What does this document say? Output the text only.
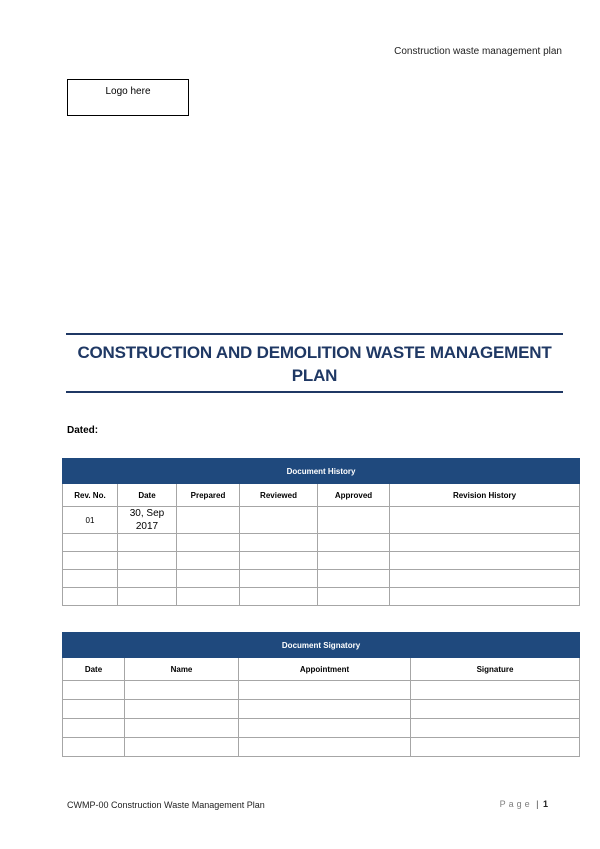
Construction waste management plan
Logo here
CONSTRUCTION AND DEMOLITION WASTE MANAGEMENT PLAN
Dated:
Document History					
Rev. No.	Date	Prepared	Reviewed	Approved	Revision History
01	30, Sep 2017				

Document Signatory			
Date	Name	Appointment	Signature

CWMP-00 Construction Waste Management Plan	Page | 1
